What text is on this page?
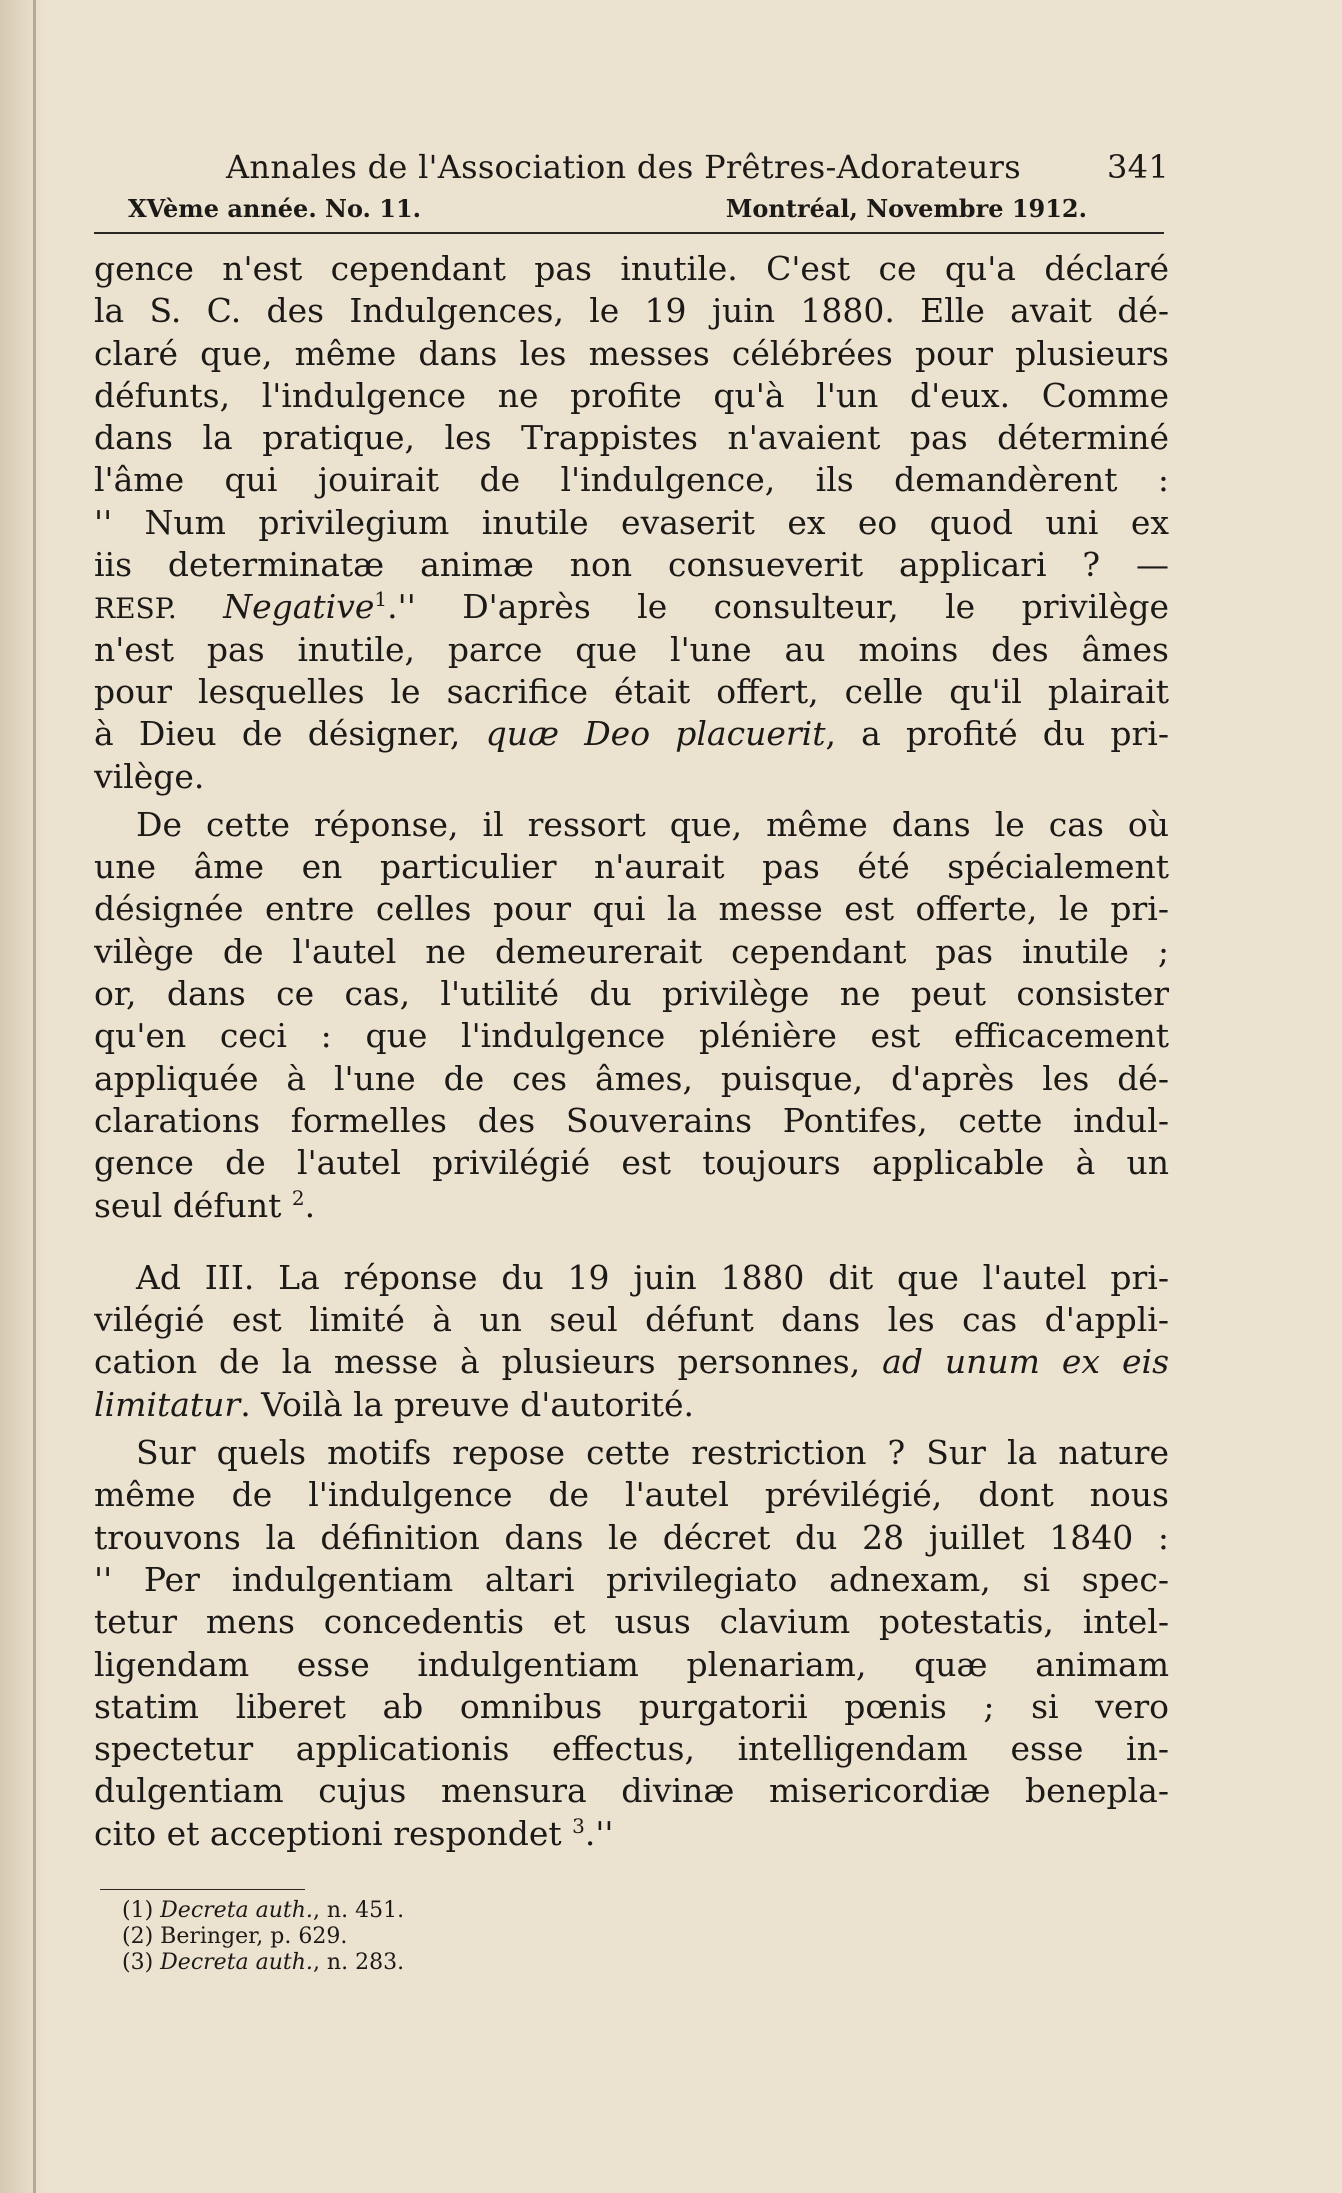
Annales de l'Association des Prêtres-Adorateurs	341
XVème année. No. 11.	Montréal, Novembre 1912.
gence n'est cependant pas inutile. C'est ce qu'a déclaré
la S. C. des Indulgences, le 19 juin 1880. Elle avait dé-
claré que, même dans les messes célébrées pour plusieurs
défunts, l'indulgence ne profite qu'à l'un d'eux. Comme
dans la pratique, les Trappistes n'avaient pas déterminé
l'âme qui jouirait de l'indulgence, ils demandèrent :
'' Num privilegium inutile evaserit ex eo quod uni ex
iis determinatæ animæ non consueverit applicari ? —
RESP. Negative$^1$.'' D'après le consulteur, le privilège
n'est pas inutile, parce que l'une au moins des âmes
pour lesquelles le sacrifice était offert, celle qu'il plairait
à Dieu de désigner, quæ Deo placuerit, a profité du pri-
vilège.
De cette réponse, il ressort que, même dans le cas où
une âme en particulier n'aurait pas été spécialement
désignée entre celles pour qui la messe est offerte, le pri-
vilège de l'autel ne demeurerait cependant pas inutile ;
or, dans ce cas, l'utilité du privilège ne peut consister
qu'en ceci : que l'indulgence plénière est efficacement
appliquée à l'une de ces âmes, puisque, d'après les dé-
clarations formelles des Souverains Pontifes, cette indul-
gence de l'autel privilégié est toujours applicable à un
seul défunt $^2$.
Ad III. La réponse du 19 juin 1880 dit que l'autel pri-
vilégié est limité à un seul défunt dans les cas d'appli-
cation de la messe à plusieurs personnes, ad unum ex eis
limitatur. Voilà la preuve d'autorité.
Sur quels motifs repose cette restriction ? Sur la nature
même de l'indulgence de l'autel prévilégié, dont nous
trouvons la définition dans le décret du 28 juillet 1840 :
'' Per indulgentiam altari privilegiato adnexam, si spec-
tetur mens concedentis et usus clavium potestatis, intel-
ligendam esse indulgentiam plenariam, quæ animam
statim liberet ab omnibus purgatorii pœnis ; si vero
spectetur applicationis effectus, intelligendam esse in-
dulgentiam cujus mensura divinæ misericordiæ benepla-
cito et acceptioni respondet $^3$.''
(1) Decreta auth., n. 451.
(2) Beringer, p. 629.
(3) Decreta auth., n. 283.
